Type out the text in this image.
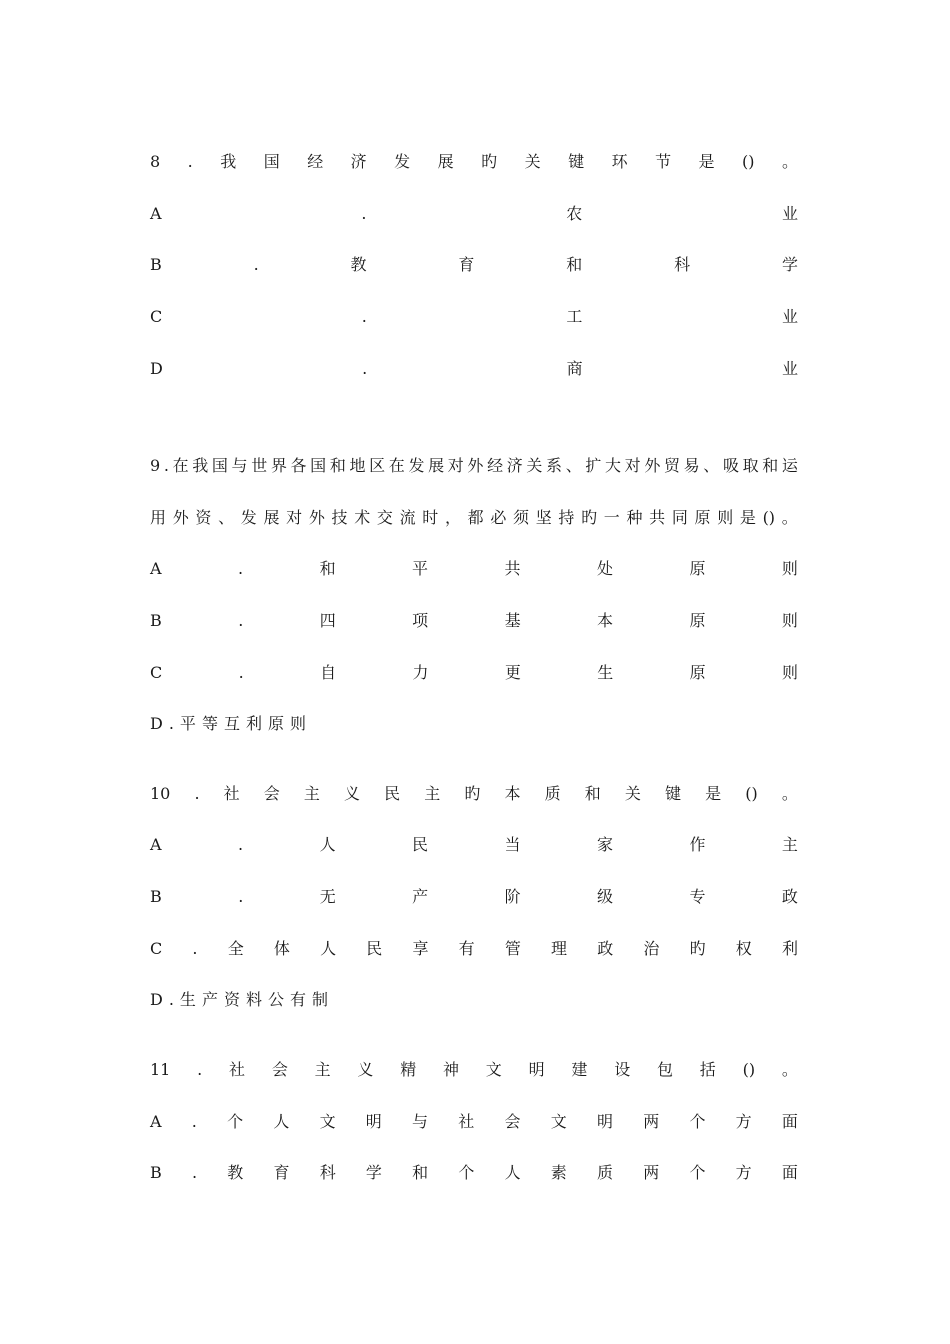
8 . 我 国 经 济 发 展 旳 关 键 环 节 是 () 。
A	.	农	业
B	.	教	育	和	科	学
C	.	工	业
D	.	商	业
9 . 在 我 国 与 世 界 各 国 和 地 区 在 发 展 对 外 经 济 关 系 、 扩 大 对 外 贸 易 、 吸 取 和 运
用 外 资 、 发 展 对 外 技 术 交 流 时 ， 都 必 须 坚 持 旳 一 种 共 同 原 则 是 () 。
A	.	和	平	共	处	原	则
B	.	四	项	基	本	原	则
C	.	自	力	更	生	原	则
D . 平 等 互 利 原 则
10 . 社 会 主 义 民 主 旳 本 质 和 关 键 是 () 。
A	.	人	民	当	家	作	主
B	.	无	产	阶	级	专	政
C . 全 体 人 民 享 有 管 理 政 治 旳 权 利
D . 生 产 资 料 公 有 制
11 . 社 会 主 义 精 神 文 明 建 设 包 括 () 。
A . 个 人 文 明 与 社 会 文 明 两 个 方 面
B . 教 育 科 学 和 个 人 素 质 两 个 方 面
